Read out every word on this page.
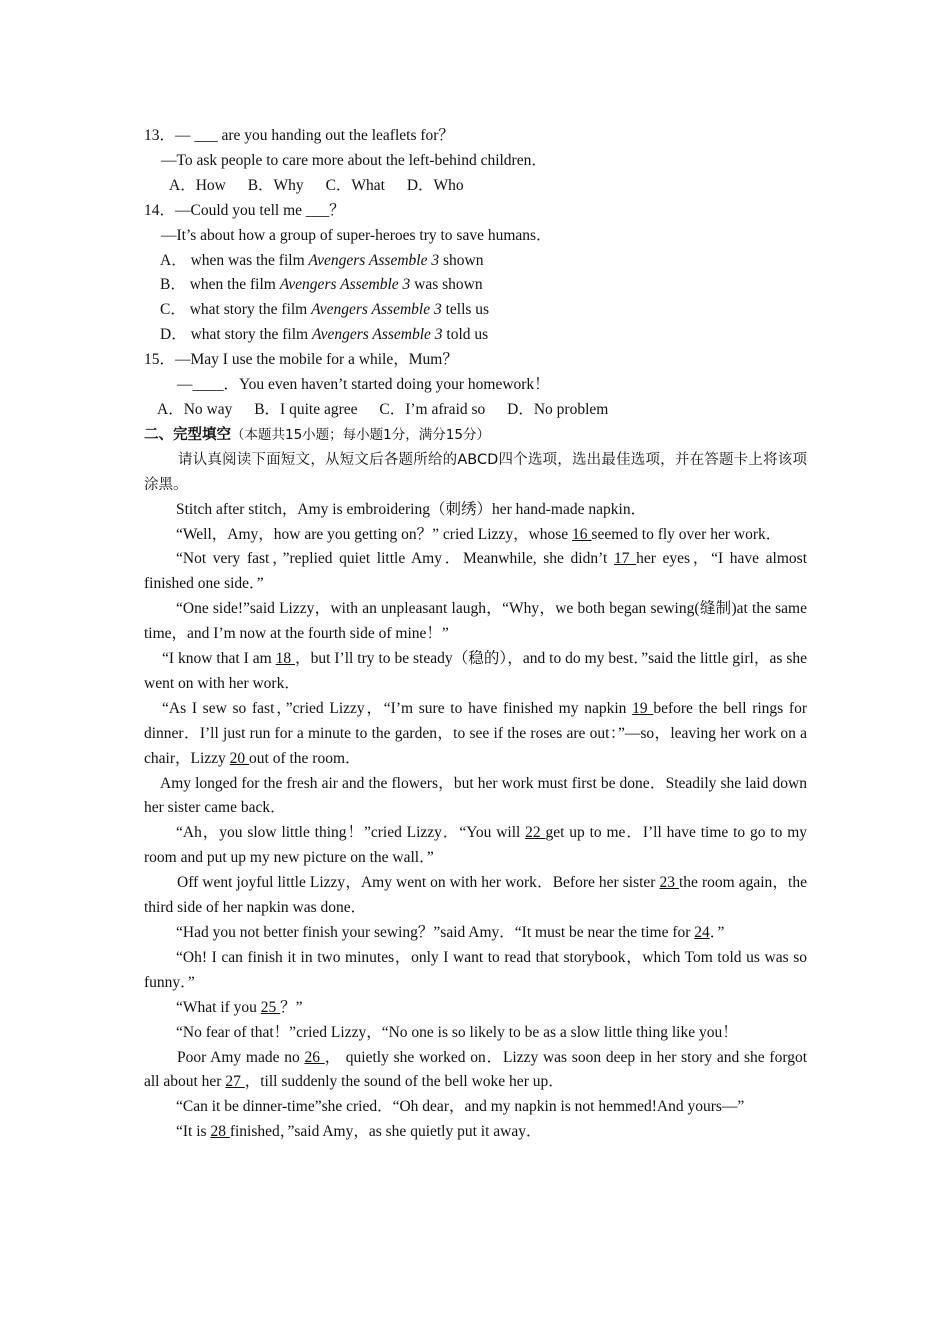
13．— ___ are you handing out the leaflets for？
—To ask people to care more about the left-behind children．
A．How B．Why C．What D．Who
14．—Could you tell me ___？
—It’s about how a group of super-heroes try to save humans．
A． when was the film Avengers Assemble 3 shown
B． when the film Avengers Assemble 3 was shown
C． what story the film Avengers Assemble 3 tells us
D． what story the film Avengers Assemble 3 told us
15．—May I use the mobile for a while，Mum？
—____．You even haven’t started doing your homework！
A．No way B．I quite agree C．I’m afraid so D．No problem
二、完型填空（本题共15小题；每小题1分，满分15分）
请认真阅读下面短文，从短文后各题所给的ABCD四个选项，选出最佳选项，并在答题卡上将该项涂黑。
Stitch after stitch，Amy is embroidering（刺绣）her hand-made napkin．
“Well，Amy，how are you getting on？” cried Lizzy，whose 16 seemed to fly over her work．
“Not very fast，”replied quiet little Amy．Meanwhile, she didn’t 17 her eyes，“I have almost finished one side．”
“One side!”said Lizzy，with an unpleasant laugh，“Why，we both began sewing(缝制)at the same time，and I’m now at the fourth side of mine！”
“I know that I am 18 ，but I’ll try to be steady（稳的），and to do my best．”said the little girl，as she went on with her work．
“As I sew so fast，”cried Lizzy，“I’m sure to have finished my napkin 19 before the bell rings for dinner．I’ll just run for a minute to the garden，to see if the roses are out：”—so，leaving her work on a chair，Lizzy 20 out of the room．
Amy longed for the fresh air and the flowers，but her work must first be done．Steadily she laid down her sister came back．
“Ah，you slow little thing！”cried Lizzy．“You will 22 get up to me．I’ll have time to go to my room and put up my new picture on the wall．”
Off went joyful little Lizzy，Amy went on with her work．Before her sister 23 the room again，the third side of her napkin was done．
“Had you not better finish your sewing？”said Amy．“It must be near the time for 24．”
“Oh! I can finish it in two minutes，only I want to read that storybook，which Tom told us was so funny．”
“What if you 25 ？”
“No fear of that！”cried Lizzy，“No one is so likely to be as a slow little thing like you！
Poor Amy made no 26 ， quietly she worked on．Lizzy was soon deep in her story and she forgot all about her 27 ，till suddenly the sound of the bell woke her up．
“Can it be dinner-time”she cried．“Oh dear，and my napkin is not hemmed!And yours—”
“It is 28 finished，”said Amy，as she quietly put it away．
